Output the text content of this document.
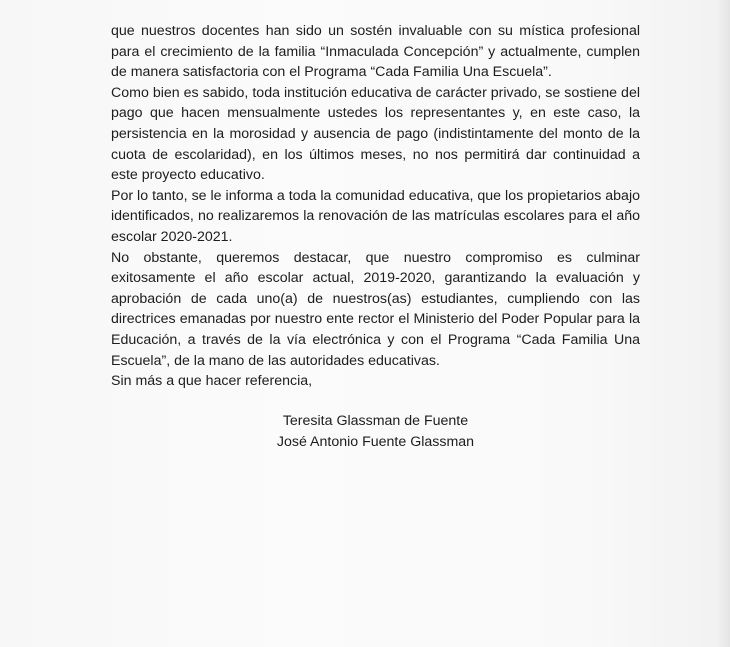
que nuestros docentes han sido un sostén invaluable con su mística profesional para el crecimiento de la familia “Inmaculada Concepción” y actualmente, cumplen de manera satisfactoria con el Programa “Cada Familia Una Escuela”.

Como bien es sabido, toda institución educativa de carácter privado, se sostiene del pago que hacen mensualmente ustedes los representantes y, en este caso, la persistencia en la morosidad y ausencia de pago (indistintamente del monto de la cuota de escolaridad), en los últimos meses, no nos permitirá dar continuidad a este proyecto educativo.

Por lo tanto, se le informa a toda la comunidad educativa, que los propietarios abajo identificados, no realizaremos la renovación de las matrículas escolares para el año escolar 2020-2021.

No obstante, queremos destacar, que nuestro compromiso es culminar exitosamente el año escolar actual, 2019-2020, garantizando la evaluación y aprobación de cada uno(a) de nuestros(as) estudiantes, cumpliendo con las directrices emanadas por nuestro ente rector el Ministerio del Poder Popular para la Educación, a través de la vía electrónica y con el Programa “Cada Familia Una Escuela”, de la mano de las autoridades educativas.

Sin más a que hacer referencia,

Teresita Glassman de Fuente
José Antonio Fuente Glassman
